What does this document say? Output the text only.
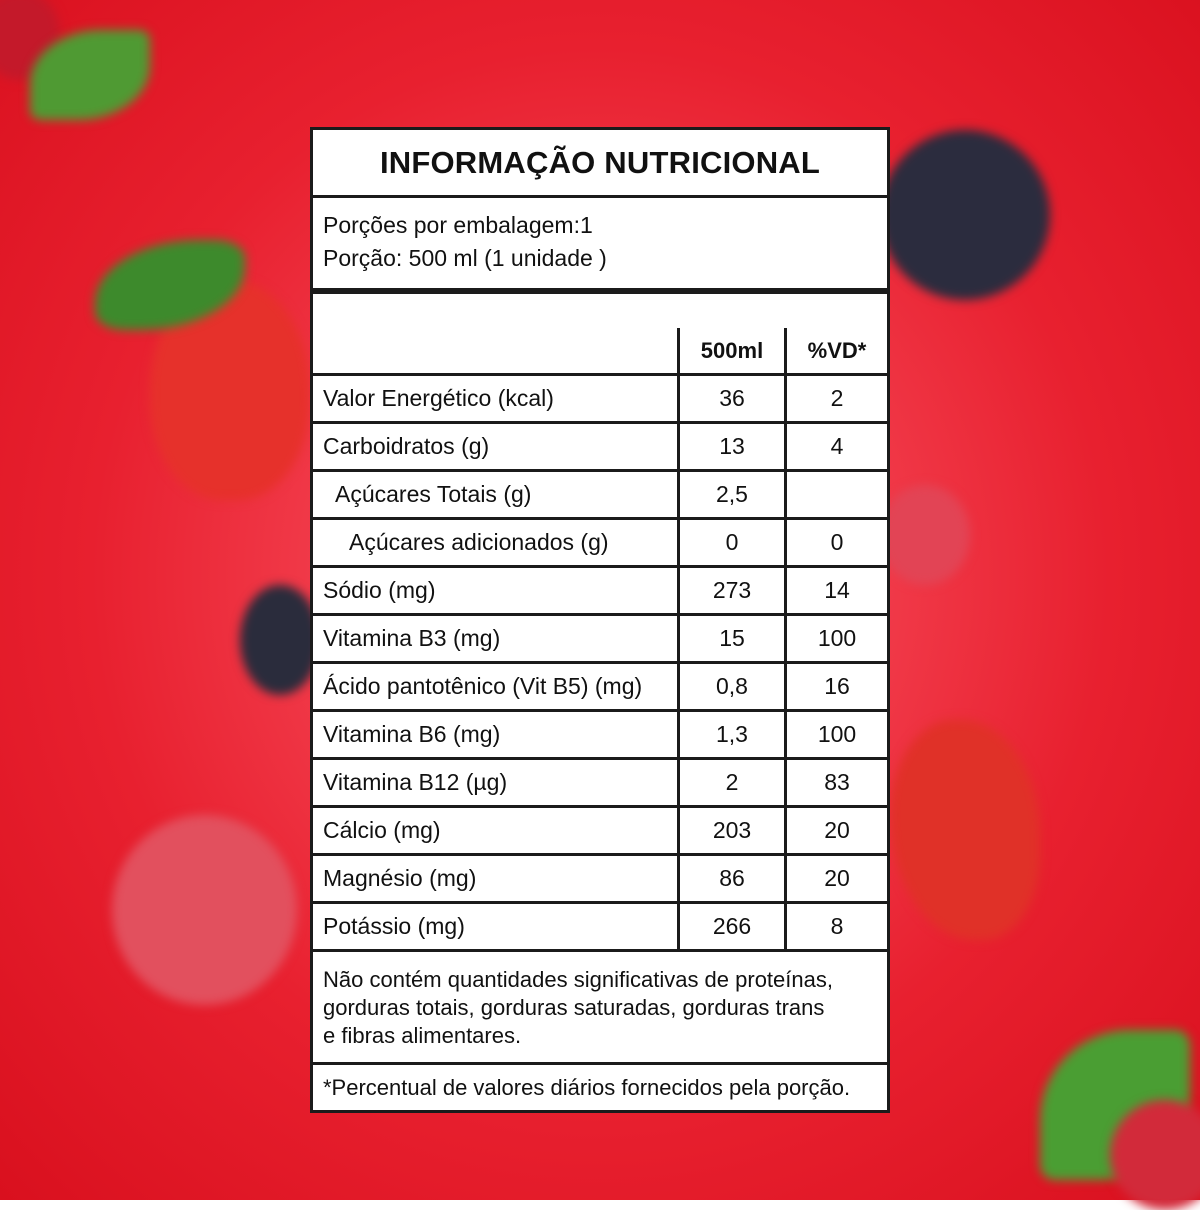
INFORMAÇÃO NUTRICIONAL
Porções por embalagem:1
Porção: 500 ml (1 unidade )
500ml	%VD*
Valor Energético (kcal)	36	2
Carboidratos (g)	13	4
Açúcares Totais (g)	2,5
Açúcares adicionados (g)	0	0
Sódio (mg)	273	14
Vitamina B3 (mg)	15	100
Ácido pantotênico (Vit B5) (mg)	0,8	16
Vitamina B6 (mg)	1,3	100
Vitamina B12 (µg)	2	83
Cálcio (mg)	203	20
Magnésio (mg)	86	20
Potássio (mg)	266	8
Não contém quantidades significativas de proteínas,
gorduras totais, gorduras saturadas, gorduras trans
e fibras alimentares.
*Percentual de valores diários fornecidos pela porção.
